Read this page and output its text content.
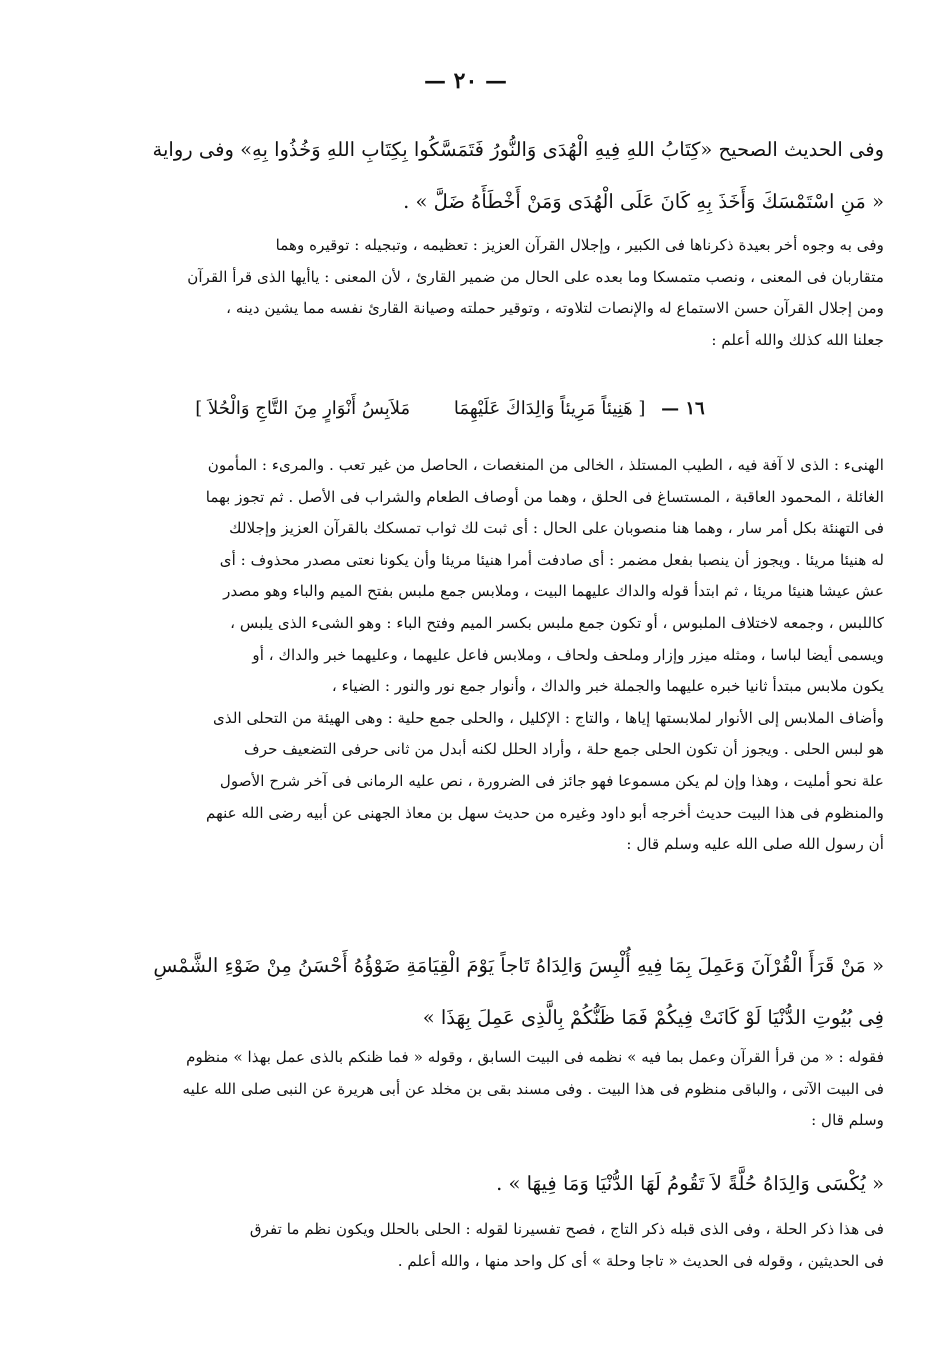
— ٢٠ —
وفى الحديث الصحيح «كِتَابُ اللهِ فِيهِ الْهُدَى وَالنُّورُ فَتَمَسَّكُوا بِكِتَابِ اللهِ وَخُذُوا بِهِ» وفى رواية
« مَنِ اسْتَمْسَكَ وَأَخَذَ بِهِ كَانَ عَلَى الْهُدَى وَمَنْ أَخْطَأَهُ ضَلَّ » .
وفى به وجوه أخر بعيدة ذكرناها فى الكبير ، وإجلال القرآن العزيز : تعظيمه ، وتبجيله : توقيره وهما
متقاربان فى المعنى ، ونصب متمسكا وما بعده على الحال من ضمير القارئ ، لأن المعنى : ياأيها الذى قرأ القرآن
ومن إجلال القرآن حسن الاستماع له والإنصات لتلاوته ، وتوقير حملته وصيانة القارئ نفسه مما يشين دينه ،
جعلنا الله كذلك والله أعلم :
١٦ — [ هَنِيئاً مَرِيئاً وَالِدَاكَ عَلَيْهِمَا مَلاَبِسُ أَنْوَارٍ مِنَ التَّاجِ وَالْحُلاَ ]
الهنىء : الذى لا آفة فيه ، الطيب المستلذ ، الخالى من المنغصات ، الحاصل من غير تعب . والمرىء : المأمون
الغائلة ، المحمود العاقبة ، المستساغ فى الحلق ، وهما من أوصاف الطعام والشراب فى الأصل . ثم تجوز بهما
فى التهنئة بكل أمر سار ، وهما هنا منصوبان على الحال : أى ثبت لك ثواب تمسكك بالقرآن العزيز وإجلالك
له هنيئا مريئا . ويجوز أن ينصبا بفعل مضمر : أى صادفت أمرا هنيئا مريئا وأن يكونا نعتى مصدر محذوف : أى
عش عيشا هنيئا مريئا ، ثم ابتدأ قوله والداك عليهما البيت ، وملابس جمع ملبس بفتح الميم والباء وهو مصدر
كاللبس ، وجمعه لاختلاف الملبوس ، أو تكون جمع ملبس بكسر الميم وفتح الباء : وهو الشىء الذى يلبس ،
ويسمى أيضا لباسا ، ومثله ميزر وإزار وملحف ولحاف ، وملابس فاعل عليهما ، وعليهما خبر والداك ، أو
يكون ملابس مبتدأ ثانيا خبره عليهما والجملة خبر والداك ، وأنوار جمع نور والنور : الضياء ،
وأضاف الملابس إلى الأنوار لملابستها إياها ، والتاج : الإكليل ، والحلى جمع حلية : وهى الهيئة من التحلى الذى
هو لبس الحلى . ويجوز أن تكون الحلى جمع حلة ، وأراد الحلل لكنه أبدل من ثانى حرفى التضعيف حرف
علة نحو أمليت ، وهذا وإن لم يكن مسموعا فهو جائز فى الضرورة ، نص عليه الرمانى فى آخر شرح الأصول
والمنظوم فى هذا البيت حديث أخرجه أبو داود وغيره من حديث سهل بن معاذ الجهنى عن أبيه رضى الله عنهم
أن رسول الله صلى الله عليه وسلم قال :
« مَنْ قَرَأَ الْقُرْآنَ وَعَمِلَ بِمَا فِيهِ أُلْبِسَ وَالِدَاهُ تَاجاً يَوْمَ الْقِيَامَةِ ضَوْؤُهُ أَحْسَنُ مِنْ ضَوْءِ الشَّمْسِ
فِى بُيُوتِ الدُّنْيَا لَوْ كَانَتْ فِيكُمْ فَمَا ظَنُّكُمْ بِالَّذِى عَمِلَ بِهَذَا »
فقوله : « من قرأ القرآن وعمل بما فيه » نظمه فى البيت السابق ، وقوله « فما ظنكم بالذى عمل بهذا » منظوم
فى البيت الآتى ، والباقى منظوم فى هذا البيت . وفى مسند بقى بن مخلد عن أبى هريرة عن النبى صلى الله عليه
وسلم قال :
« يُكْسَى وَالِدَاهُ حُلَّةً لاَ تَقُومُ لَهَا الدُّنْيَا وَمَا فِيهَا » .
فى هذا ذكر الحلة ، وفى الذى قبله ذكر التاج ، فصح تفسيرنا لقوله : الحلى بالحلل ويكون نظم ما تفرق
فى الحديثين ، وقوله فى الحديث « تاجا وحلة » أى كل واحد منها ، والله أعلم .
